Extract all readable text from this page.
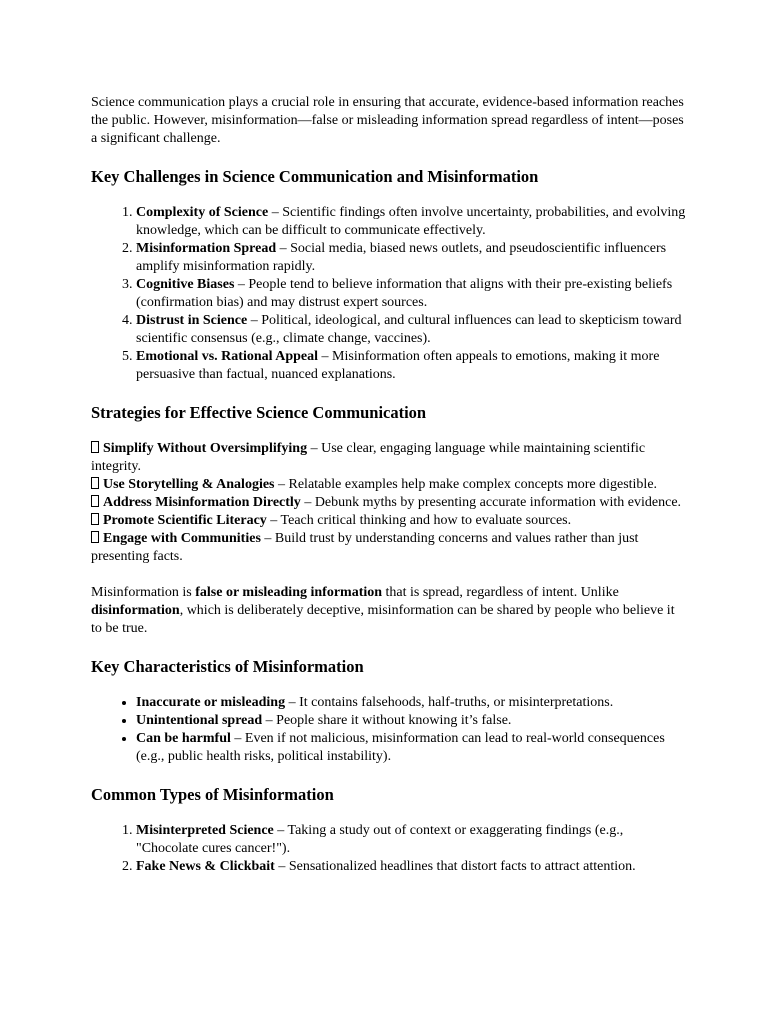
Science communication plays a crucial role in ensuring that accurate, evidence-based information reaches the public. However, misinformation—false or misleading information spread regardless of intent—poses a significant challenge.

Key Challenges in Science Communication and Misinformation
1. Complexity of Science – Scientific findings often involve uncertainty, probabilities, and evolving knowledge, which can be difficult to communicate effectively.
2. Misinformation Spread – Social media, biased news outlets, and pseudoscientific influencers amplify misinformation rapidly.
3. Cognitive Biases – People tend to believe information that aligns with their pre-existing beliefs (confirmation bias) and may distrust expert sources.
4. Distrust in Science – Political, ideological, and cultural influences can lead to skepticism toward scientific consensus (e.g., climate change, vaccines).
5. Emotional vs. Rational Appeal – Misinformation often appeals to emotions, making it more persuasive than factual, nuanced explanations.
Strategies for Effective Science Communication

Simplify Without Oversimplifying – Use clear, engaging language while maintaining scientific integrity.

Use Storytelling & Analogies – Relatable examples help make complex concepts more digestible.

Address Misinformation Directly – Debunk myths by presenting accurate information with evidence.

Promote Scientific Literacy – Teach critical thinking and how to evaluate sources.

Engage with Communities – Build trust by understanding concerns and values rather than just presenting facts.

Misinformation is false or misleading information that is spread, regardless of intent. Unlike disinformation, which is deliberately deceptive, misinformation can be shared by people who believe it to be true.

Key Characteristics of Misinformation
• Inaccurate or misleading – It contains falsehoods, half-truths, or misinterpretations.
• Unintentional spread – People share it without knowing it’s false.
• Can be harmful – Even if not malicious, misinformation can lead to real-world consequences (e.g., public health risks, political instability).
Common Types of Misinformation
1. Misinterpreted Science – Taking a study out of context or exaggerating findings (e.g., "Chocolate cures cancer!").
2. Fake News & Clickbait – Sensationalized headlines that distort facts to attract attention.
